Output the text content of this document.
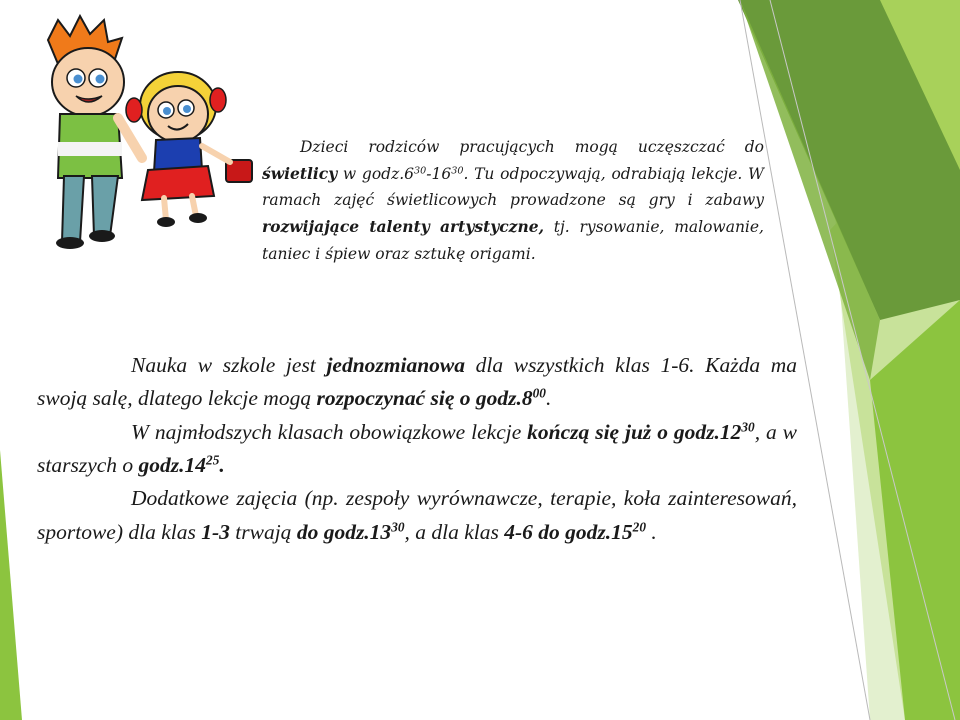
Dzieci rodziców pracujących mogą uczęszczać do świetlicy w $godz.6^{30}-16^{30}$. Tu odpoczywają, odrabiają lekcje. W ramach zajęć świetlicowych prowadzone są gry i zabawy rozwijające talenty artystyczne, tj. rysowanie, malowanie, taniec i śpiew oraz sztukę origami.

Nauka w szkole jest jednozmianowa dla wszystkich klas 1-6. Każda ma swoją salę, dlatego lekcje mogą rozpoczynać się o $godz.8^{00}$.

W najmłodszych klasach obowiązkowe lekcje kończą się już o $godz.12^{30}$, a w starszych o $godz.14^{25}$.

Dodatkowe zajęcia (np. zespoły wyrównawcze, terapie, koła zainteresowań, sportowe) dla klas 1-3 trwają do $godz.13^{30}$, a dla klas 4-6 do $godz.15^{20}$ .
